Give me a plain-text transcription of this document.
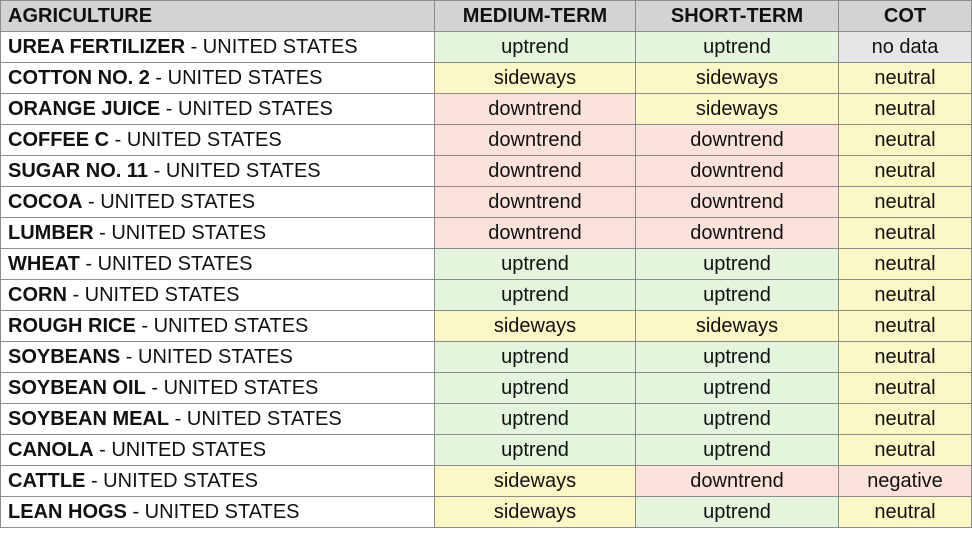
AGRICULTURE	MEDIUM-TERM	SHORT-TERM	COT
UREA FERTILIZER - UNITED STATES	uptrend	uptrend	no data
COTTON NO. 2 - UNITED STATES	sideways	sideways	neutral
ORANGE JUICE - UNITED STATES	downtrend	sideways	neutral
COFFEE C - UNITED STATES	downtrend	downtrend	neutral
SUGAR NO. 11 - UNITED STATES	downtrend	downtrend	neutral
COCOA - UNITED STATES	downtrend	downtrend	neutral
LUMBER - UNITED STATES	downtrend	downtrend	neutral
WHEAT - UNITED STATES	uptrend	uptrend	neutral
CORN - UNITED STATES	uptrend	uptrend	neutral
ROUGH RICE - UNITED STATES	sideways	sideways	neutral
SOYBEANS - UNITED STATES	uptrend	uptrend	neutral
SOYBEAN OIL - UNITED STATES	uptrend	uptrend	neutral
SOYBEAN MEAL - UNITED STATES	uptrend	uptrend	neutral
CANOLA - UNITED STATES	uptrend	uptrend	neutral
CATTLE - UNITED STATES	sideways	downtrend	negative
LEAN HOGS - UNITED STATES	sideways	uptrend	neutral
